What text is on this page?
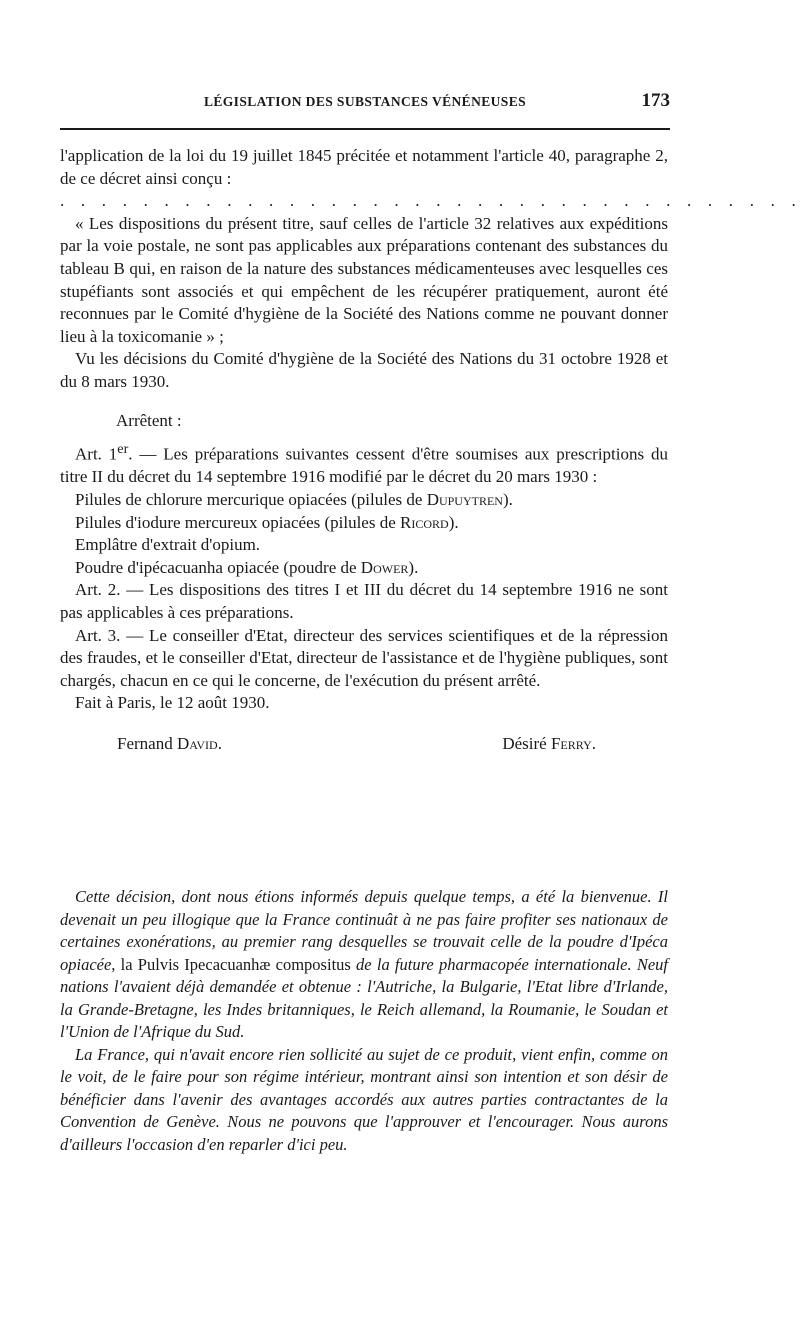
LÉGISLATION DES SUBSTANCES VÉNÉNEUSES	173

l'application de la loi du 19 juillet 1845 précitée et notamment l'article 40, paragraphe 2, de ce décret ainsi conçu :

. . . . . . . . . . . . . . . . . . . . . . . . . . . . . . . . . . . .

« Les dispositions du présent titre, sauf celles de l'article 32 relatives aux expéditions par la voie postale, ne sont pas applicables aux préparations contenant des substances du tableau B qui, en raison de la nature des substances médicamenteuses avec lesquelles ces stupéfiants sont associés et qui empêchent de les récupérer pratiquement, auront été reconnues par le Comité d'hygiène de la Société des Nations comme ne pouvant donner lieu à la toxicomanie » ;

Vu les décisions du Comité d'hygiène de la Société des Nations du 31 octobre 1928 et du 8 mars 1930.

Arrêtent :

Art. 1er. — Les préparations suivantes cessent d'être soumises aux prescriptions du titre II du décret du 14 septembre 1916 modifié par le décret du 20 mars 1930 :

Pilules de chlorure mercurique opiacées (pilules de Dupuytren).

Pilules d'iodure mercureux opiacées (pilules de Ricord).

Emplâtre d'extrait d'opium.

Poudre d'ipécacuanha opiacée (poudre de Dower).

Art. 2. — Les dispositions des titres I et III du décret du 14 septembre 1916 ne sont pas applicables à ces préparations.

Art. 3. — Le conseiller d'Etat, directeur des services scientifiques et de la répression des fraudes, et le conseiller d'Etat, directeur de l'assistance et de l'hygiène publiques, sont chargés, chacun en ce qui le concerne, de l'exécution du présent arrêté.

Fait à Paris, le 12 août 1930.

Fernand David.	Désiré Ferry.

Cette décision, dont nous étions informés depuis quelque temps, a été la bienvenue. Il devenait un peu illogique que la France continuât à ne pas faire profiter ses nationaux de certaines exonérations, au premier rang desquelles se trouvait celle de la poudre d'Ipéca opiacée, la Pulvis Ipecacuanhæ compositus de la future pharmacopée internationale. Neuf nations l'avaient déjà demandée et obtenue : l'Autriche, la Bulgarie, l'Etat libre d'Irlande, la Grande-Bretagne, les Indes britanniques, le Reich allemand, la Roumanie, le Soudan et l'Union de l'Afrique du Sud.

La France, qui n'avait encore rien sollicité au sujet de ce produit, vient enfin, comme on le voit, de le faire pour son régime intérieur, montrant ainsi son intention et son désir de bénéficier dans l'avenir des avantages accordés aux autres parties contractantes de la Convention de Genève. Nous ne pouvons que l'approuver et l'encourager. Nous aurons d'ailleurs l'occasion d'en reparler d'ici peu.
